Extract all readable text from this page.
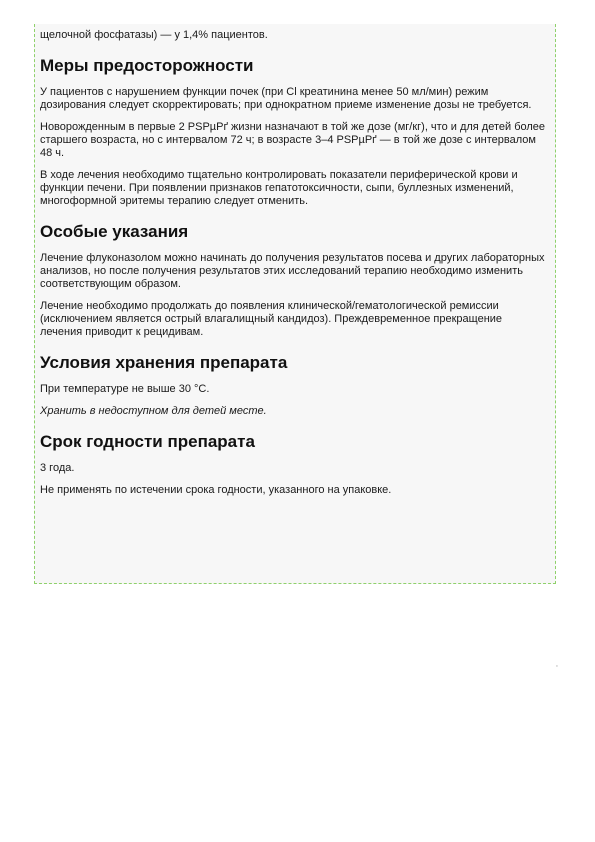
щелочной фосфатазы) — у 1,4% пациентов.

Меры предосторожности

У пациентов с нарушением функции почек (при Cl креатинина менее 50 мл/мин) режим дозирования следует скорректировать; при однократном приеме изменение дозы не требуется.

Новорожденным в первые 2 PSPµPґ жизни назначают в той же дозе (мг/кг), что и для детей более старшего возраста, но с интервалом 72 ч; в возрасте 3–4 PSPµPґ — в той же дозе с интервалом 48 ч.

В ходе лечения необходимо тщательно контролировать показатели периферической крови и функции печени. При появлении признаков гепатотоксичности, сыпи, буллезных изменений, многоформной эритемы терапию следует отменить.

Особые указания

Лечение флуконазолом можно начинать до получения результатов посева и других лабораторных анализов, но после получения результатов этих исследований терапию необходимо изменить соответствующим образом.

Лечение необходимо продолжать до появления клинической/гематологической ремиссии (исключением является острый влагалищный кандидоз). Преждевременное прекращение лечения приводит к рецидивам.

Условия хранения препарата

При температуре не выше 30 °С.

Хранить в недоступном для детей месте.

Срок годности препарата

3 года.

Не применять по истечении срока годности, указанного на упаковке.

'
